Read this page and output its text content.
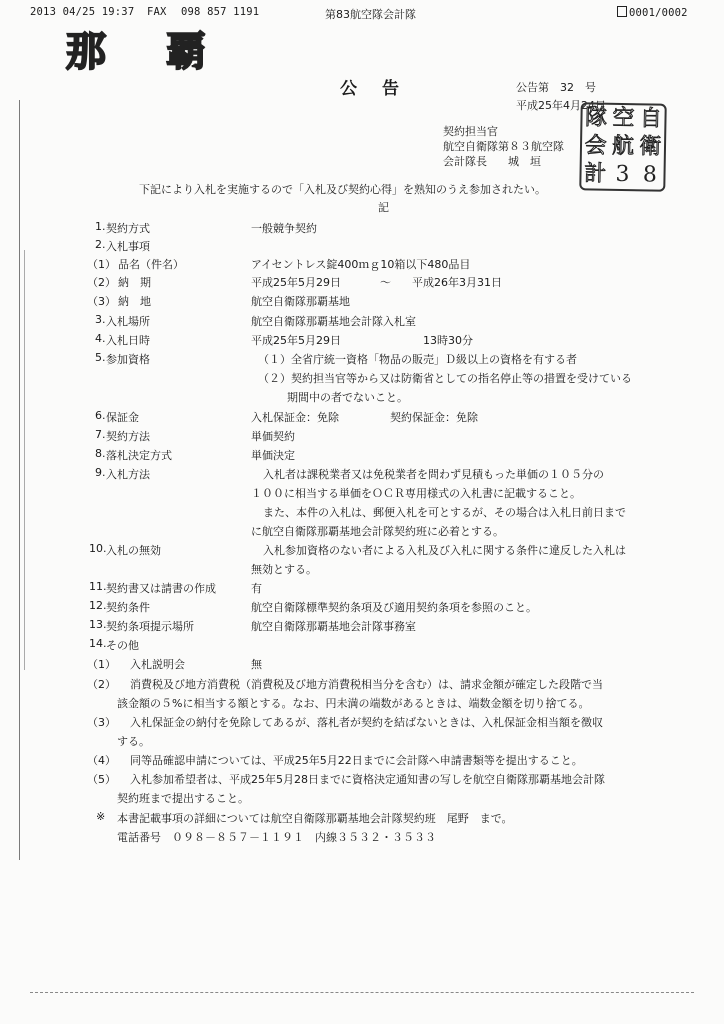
2013 04/25 19:37 FAX 098 857 1191	第83航空隊会計隊	0001/0002
那 覇
公　告	公告第　32　号
平成25年4月24日
契約担当官
航空自衛隊第８３航空隊
会計隊長 城　垣
隊 空 自
会 航 衛
計 3 8
下記により入札を実施するので「入札及び契約心得」を熟知のうえ参加されたい。
記
1. 契約方式	一般競争契約
2. 入札事項
（1） 品名（件名）	アイセントレス錠400ｍｇ10箱以下480品目
（2） 納　期	平成25年5月29日	～ 平成26年3月31日
（3） 納　地	航空自衛隊那覇基地
3. 入札場所	航空自衛隊那覇基地会計隊入札室
4. 入札日時	平成25年5月29日	13時30分
5. 参加資格	（１）全省庁統一資格「物品の販売」Ｄ級以上の資格を有する者
（２）契約担当官等から又は防衛省としての指名停止等の措置を受けている
期間中の者でないこと。
6. 保証金	入札保証金：免除	契約保証金：免除
7. 契約方法	単価契約
8. 落札決定方式	単価決定
9. 入札方法	入札者は課税業者又は免税業者を問わず見積もった単価の１０５分の
１００に相当する単価をＯＣＲ専用様式の入札書に記載すること。
また、本件の入札は、郵便入札を可とするが、その場合は入札日前日まで
に航空自衛隊那覇基地会計隊契約班に必着とする。
10. 入札の無効	入札参加資格のない者による入札及び入札に関する条件に違反した入札は
無効とする。
11. 契約書又は請書の作成	有
12. 契約条件	航空自衛隊標準契約条項及び適用契約条項を参照のこと。
13. 契約条項提示場所	航空自衛隊那覇基地会計隊事務室
14. その他
（1） 入札説明会	無
（2） 消費税及び地方消費税（消費税及び地方消費税相当分を含む）は、請求金額が確定した段階で当
該金額の５%に相当する額とする。なお、円未満の端数があるときは、端数金額を切り捨てる。
（3） 入札保証金の納付を免除してあるが、落札者が契約を結ばないときは、入札保証金相当額を徴収
する。
（4） 同等品確認申請については、平成25年5月22日までに会計隊へ申請書類等を提出すること。
（5） 入札参加希望者は、平成25年5月28日までに資格決定通知書の写しを航空自衛隊那覇基地会計隊
契約班まで提出すること。
※ 本書記載事項の詳細については航空自衛隊那覇基地会計隊契約班　尾野　まで。
電話番号　０９８－８５７－１１９１　内線３５３２・３５３３
